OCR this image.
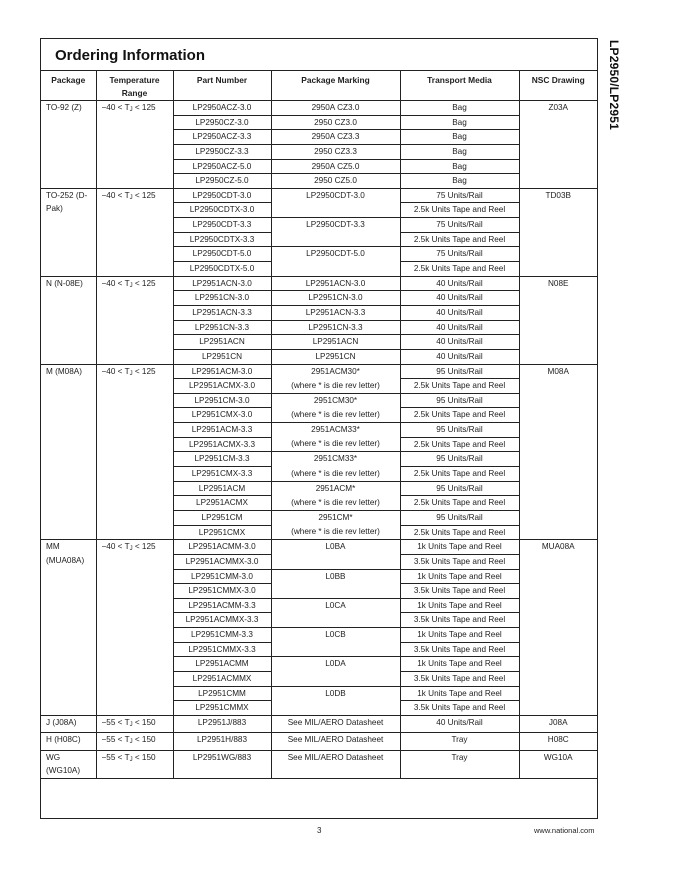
LP2950/LP2951
Ordering Information
Package	Temperature Range	Part Number	Package Marking	Transport Media	NSC Drawing
TO-92 (Z)	−40 < TJ < 125	LP2950ACZ-3.0	2950A CZ3.0	Bag	Z03A
		LP2950CZ-3.0	2950 CZ3.0	Bag	
		LP2950ACZ-3.3	2950A CZ3.3	Bag	
		LP2950CZ-3.3	2950 CZ3.3	Bag	
		LP2950ACZ-5.0	2950A CZ5.0	Bag	
		LP2950CZ-5.0	2950 CZ5.0	Bag	
TO-252 (D-Pak)	−40 < TJ < 125	LP2950CDT-3.0	LP2950CDT-3.0	75 Units/Rail	TD03B
		LP2950CDTX-3.0		2.5k Units Tape and Reel	
		LP2950CDT-3.3	LP2950CDT-3.3	75 Units/Rail	
		LP2950CDTX-3.3		2.5k Units Tape and Reel	
		LP2950CDT-5.0	LP2950CDT-5.0	75 Units/Rail	
		LP2950CDTX-5.0		2.5k Units Tape and Reel	
N (N-08E)	−40 < TJ < 125	LP2951ACN-3.0	LP2951ACN-3.0	40 Units/Rail	N08E
		LP2951CN-3.0	LP2951CN-3.0	40 Units/Rail	
		LP2951ACN-3.3	LP2951ACN-3.3	40 Units/Rail	
		LP2951CN-3.3	LP2951CN-3.3	40 Units/Rail	
		LP2951ACN	LP2951ACN	40 Units/Rail	
		LP2951CN	LP2951CN	40 Units/Rail	
M (M08A)	−40 < TJ < 125	LP2951ACM-3.0	2951ACM30*	95 Units/Rail	M08A
		LP2951ACMX-3.0	(where * is die rev letter)	2.5k Units Tape and Reel	
		LP2951CM-3.0	2951CM30*	95 Units/Rail	
		LP2951CMX-3.0	(where * is die rev letter)	2.5k Units Tape and Reel	
		LP2951ACM-3.3	2951ACM33*	95 Units/Rail	
		LP2951ACMX-3.3	(where * is die rev letter)	2.5k Units Tape and Reel	
		LP2951CM-3.3	2951CM33*	95 Units/Rail	
		LP2951CMX-3.3	(where * is die rev letter)	2.5k Units Tape and Reel	
		LP2951ACM	2951ACM*	95 Units/Rail	
		LP2951ACMX	(where * is die rev letter)	2.5k Units Tape and Reel	
		LP2951CM	2951CM*	95 Units/Rail	
		LP2951CMX	(where * is die rev letter)	2.5k Units Tape and Reel	
MM (MUA08A)	−40 < TJ < 125	LP2951ACMM-3.0	L0BA	1k Units Tape and Reel	MUA08A
		LP2951ACMMX-3.0		3.5k Units Tape and Reel	
		LP2951CMM-3.0	L0BB	1k Units Tape and Reel	
		LP2951CMMX-3.0		3.5k Units Tape and Reel	
		LP2951ACMM-3.3	L0CA	1k Units Tape and Reel	
		LP2951ACMMX-3.3		3.5k Units Tape and Reel	
		LP2951CMM-3.3	L0CB	1k Units Tape and Reel	
		LP2951CMMX-3.3		3.5k Units Tape and Reel	
		LP2951ACMM	L0DA	1k Units Tape and Reel	
		LP2951ACMMX		3.5k Units Tape and Reel	
		LP2951CMM	L0DB	1k Units Tape and Reel	
		LP2951CMMX		3.5k Units Tape and Reel	
J (J08A)	−55 < TJ < 150	LP2951J/883	See MIL/AERO Datasheet	40 Units/Rail	J08A
H (H08C)	−55 < TJ < 150	LP2951H/883	See MIL/AERO Datasheet	Tray	H08C
WG (WG10A)	−55 < TJ < 150	LP2951WG/883	See MIL/AERO Datasheet	Tray	WG10A
3	www.national.com
